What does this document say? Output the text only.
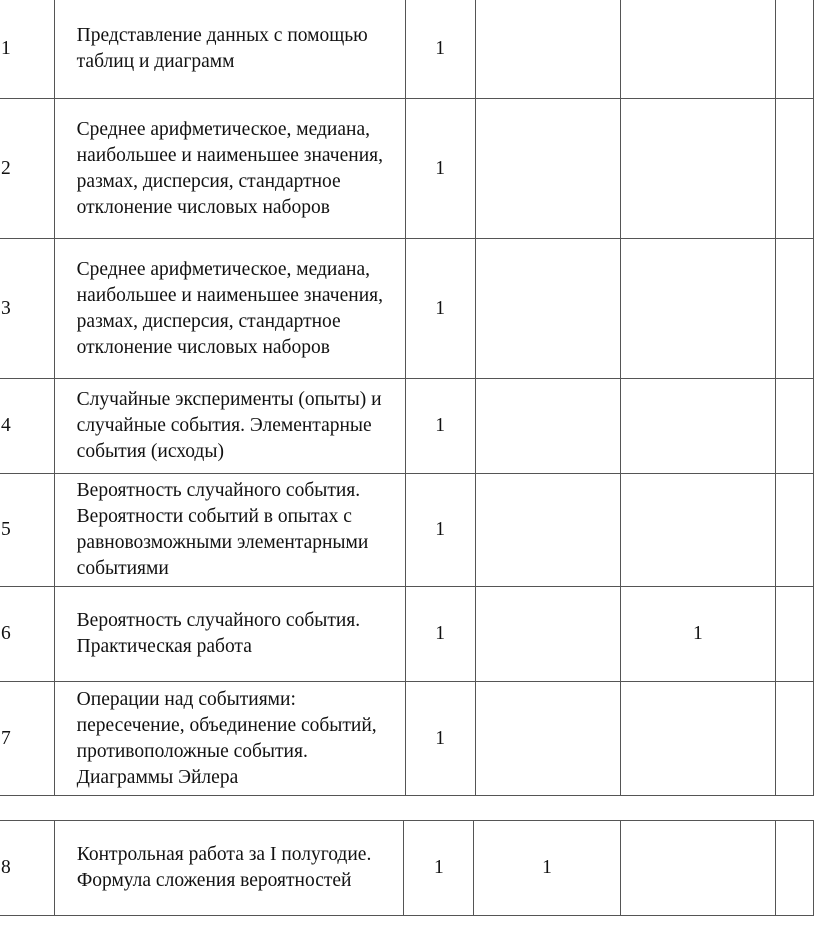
1	Представление данных с помощью таблиц и диаграмм	1			
2	Среднее арифметическое, медиана, наибольшее и наименьшее значения, размах, дисперсия, стандартное отклонение числовых наборов	1			
3	Среднее арифметическое, медиана, наибольшее и наименьшее значения, размах, дисперсия, стандартное отклонение числовых наборов	1			
4	Случайные эксперименты (опыты) и случайные события. Элементарные события (исходы)	1			
5	Вероятность случайного события. Вероятности событий в опытах с равновозможными элементарными событиями	1			
6	Вероятность случайного события. Практическая работа	1		1	
7	Операции над событиями: пересечение, объединение событий, противоположные события. Диаграммы Эйлера	1			
8	Контрольная работа за I полугодие. Формула сложения вероятностей	1	1		
